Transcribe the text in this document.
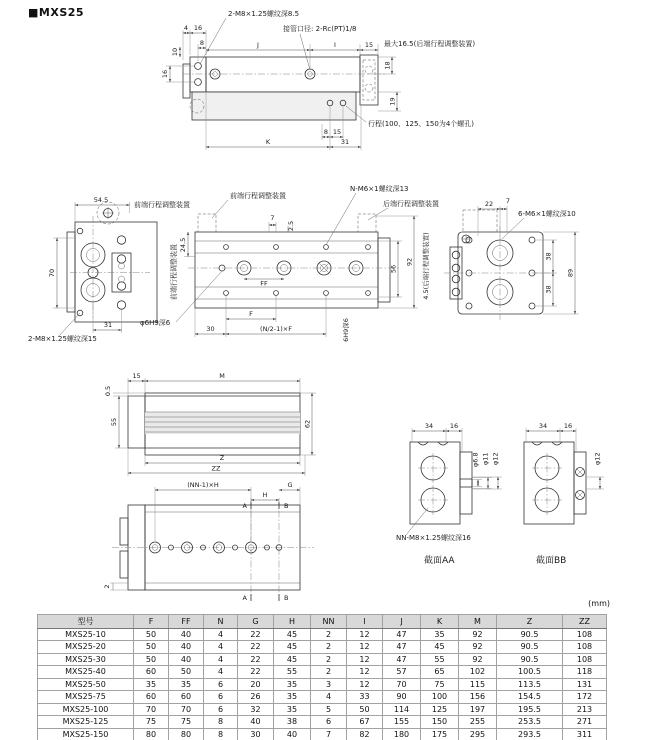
■MXS25
4 16
8	J	I	15 最大16.5(后端行程调整装置)
10
16
18
19
8 15
K	31
2-M8×1.25螺纹深8.5
接管口径: 2-Rc(PT)1/8
行程(100、125、150为4个螺孔)
54.5
前端行程调整装置
70
31
2-M8×1.25螺纹深15
前端行程调整装置
7
2.5
24.5
前端行程调整装置
N-M6×1螺纹深13
后端行程调整装置
FF
F
30	(N/2-1)×F
φ6H9深6	6H9深6
56
92 4.5(后端行程调整装置)
22 7
6-M6×1螺纹深10
38
38
89
15	M
0.5
55	62
Z
ZZ
(NN-1)×H	G
H
A	B
A	B
2
φ6.8 φ11 φ12
34	16
NN-M8×1.25螺纹深16
截面AA
φ12
34	16
截面BB
(mm)
型号	F	FF	N	G	H	NN	I	J	K	M	Z	ZZ
MXS25-10	50	40	4	22	45	2	12	47	35	92	90.5	108
MXS25-20	50	40	4	22	45	2	12	47	45	92	90.5	108
MXS25-30	50	40	4	22	45	2	12	47	55	92	90.5	108
MXS25-40	60	50	4	22	55	2	12	57	65	102	100.5	118
MXS25-50	35	35	6	20	35	3	12	70	75	115	113.5	131
MXS25-75	60	60	6	26	35	4	33	90	100	156	154.5	172
MXS25-100	70	70	6	32	35	5	50	114	125	197	195.5	213
MXS25-125	75	75	8	40	38	6	67	155	150	255	253.5	271
MXS25-150	80	80	8	30	40	7	82	180	175	295	293.5	311
